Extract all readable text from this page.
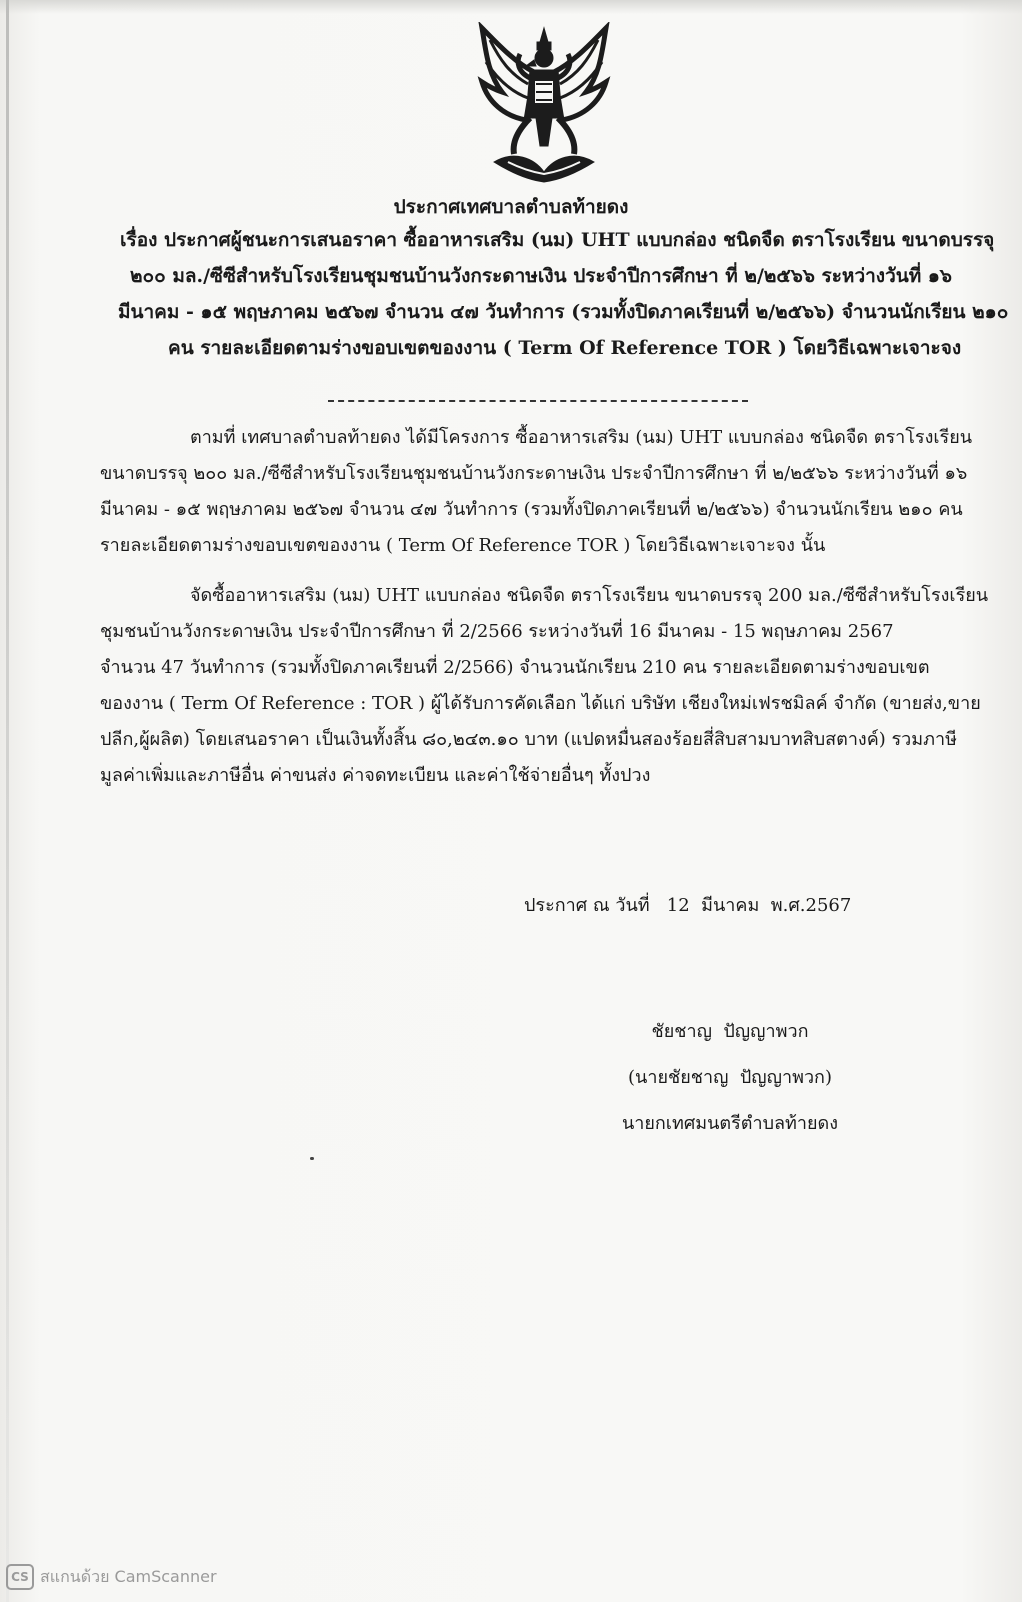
ประกาศเทศบาลตำบลท้ายดง
เรื่อง ประกาศผู้ชนะการเสนอราคา ซื้ออาหารเสริม (นม) UHT แบบกล่อง ชนิดจืด ตราโรงเรียน ขนาดบรรจุ
๒๐๐ มล./ซีซีสำหรับโรงเรียนชุมชนบ้านวังกระดาษเงิน ประจำปีการศึกษา ที่ ๒/๒๕๖๖ ระหว่างวันที่ ๑๖
มีนาคม - ๑๕ พฤษภาคม ๒๕๖๗ จำนวน ๔๗ วันทำการ (รวมทั้งปิดภาคเรียนที่ ๒/๒๕๖๖) จำนวนนักเรียน ๒๑๐
คน รายละเอียดตามร่างขอบเขตของงาน ( Term Of Reference TOR ) โดยวิธีเฉพาะเจาะจง
ตามที่ เทศบาลตำบลท้ายดง ได้มีโครงการ ซื้ออาหารเสริม (นม) UHT แบบกล่อง ชนิดจืด ตราโรงเรียน
ขนาดบรรจุ ๒๐๐ มล./ซีซีสำหรับโรงเรียนชุมชนบ้านวังกระดาษเงิน ประจำปีการศึกษา ที่ ๒/๒๕๖๖ ระหว่างวันที่ ๑๖
มีนาคม - ๑๕ พฤษภาคม ๒๕๖๗ จำนวน ๔๗ วันทำการ (รวมทั้งปิดภาคเรียนที่ ๒/๒๕๖๖) จำนวนนักเรียน ๒๑๐ คน
รายละเอียดตามร่างขอบเขตของงาน ( Term Of Reference TOR ) โดยวิธีเฉพาะเจาะจง นั้น
จัดซื้ออาหารเสริม (นม) UHT แบบกล่อง ชนิดจืด ตราโรงเรียน ขนาดบรรจุ 200 มล./ซีซีสำหรับโรงเรียน
ชุมชนบ้านวังกระดาษเงิน ประจำปีการศึกษา ที่ 2/2566 ระหว่างวันที่ 16 มีนาคม - 15 พฤษภาคม 2567
จำนวน 47 วันทำการ (รวมทั้งปิดภาคเรียนที่ 2/2566) จำนวนนักเรียน 210 คน รายละเอียดตามร่างขอบเขต
ของงาน ( Term Of Reference : TOR ) ผู้ได้รับการคัดเลือก ได้แก่ บริษัท เชียงใหม่เฟรชมิลค์ จำกัด (ขายส่ง,ขาย
ปลีก,ผู้ผลิต) โดยเสนอราคา เป็นเงินทั้งสิ้น ๘๐,๒๔๓.๑๐ บาท (แปดหมื่นสองร้อยสี่สิบสามบาทสิบสตางค์) รวมภาษี
มูลค่าเพิ่มและภาษีอื่น ค่าขนส่ง ค่าจดทะเบียน และค่าใช้จ่ายอื่นๆ ทั้งปวง
ประกาศ ณ วันที่   12  มีนาคม  พ.ศ.2567
ชัยชาญ  ปัญญาพวก
(นายชัยชาญ  ปัญญาพวก)
นายกเทศมนตรีตำบลท้ายดง
CS สแกนด้วย CamScanner
